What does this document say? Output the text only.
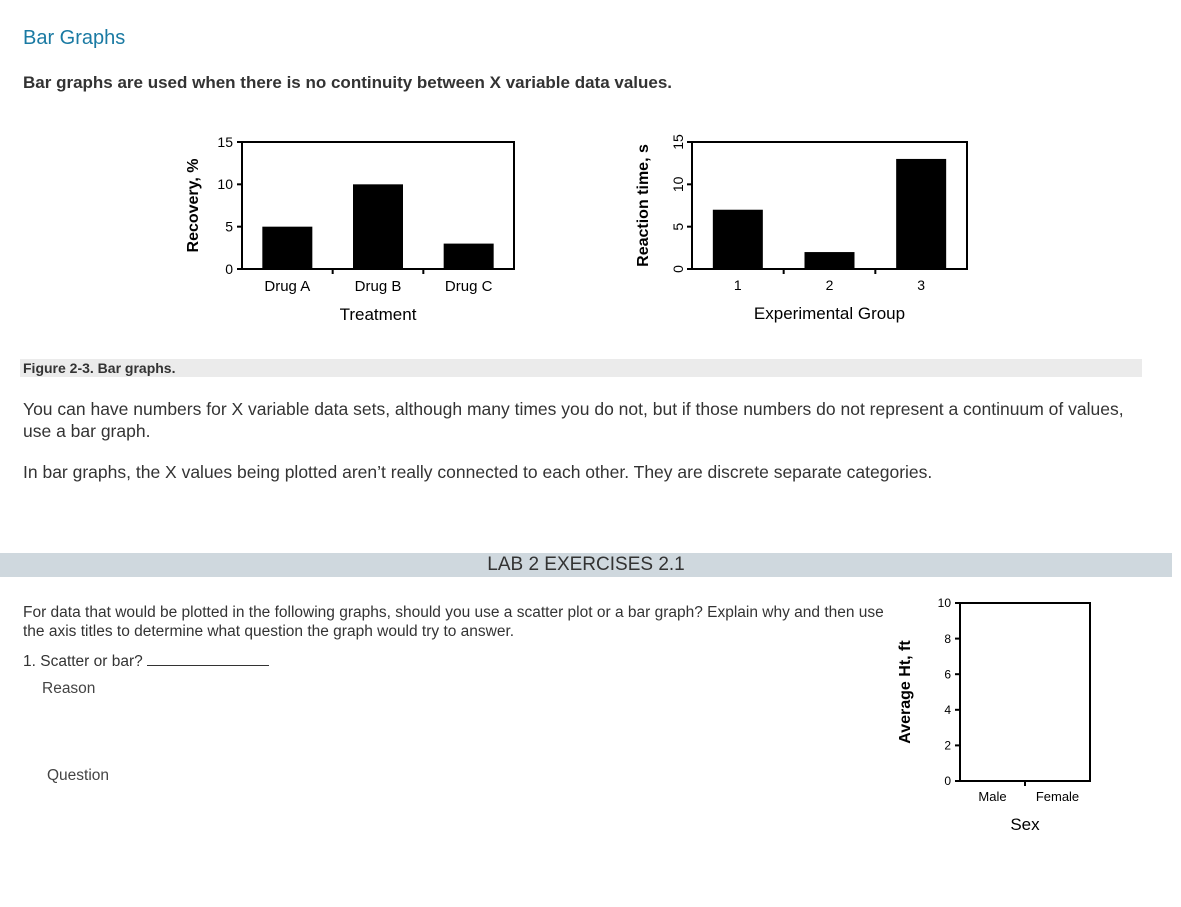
Bar Graphs
Bar graphs are used when there is no continuity between X variable data values.
0
5
10
15
Drug A	Drug B	Drug C
Treatment
Recovery, %
0
5
10
15
1	2	3
Experimental Group
Reaction time, s
Figure 2-3. Bar graphs.
You can have numbers for X variable data sets, although many times you do not, but if those numbers do not represent a continuum of values, use a bar graph.
In bar graphs, the X values being plotted aren’t really connected to each other. They are discrete separate categories.
LAB 2 EXERCISES 2.1
For data that would be plotted in the following graphs, should you use a scatter plot or a bar graph? Explain why and then use the axis titles to determine what question the graph would try to answer.
1. Scatter or bar?
Reason
Question	0
2
4
6
8
10
Male Female
Sex
Average Ht, ft
